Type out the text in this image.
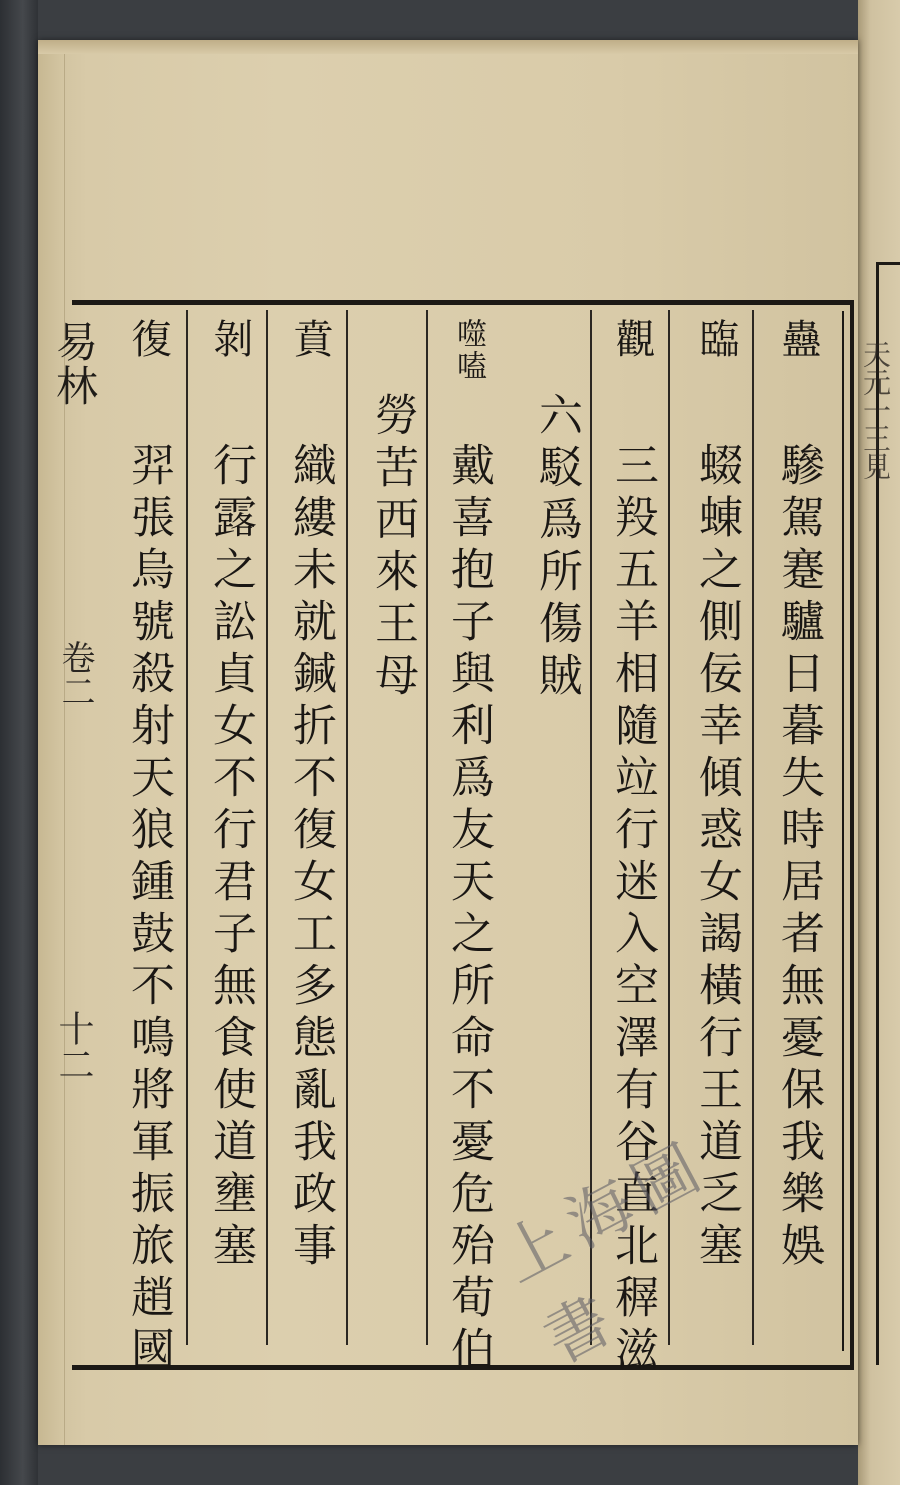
天元一王見
易林
卷二
十二
蠱
驂駕蹇驢日暮失時居者無憂保我樂娛
臨
蝃蝀之側佞幸傾惑女謁橫行王道乏塞
觀
三羖五羊相隨竝行迷入空澤有谷直北稺滋
六駁爲所傷賊
噬嗑
戴喜抱子與利爲友天之所命不憂危殆荀伯
勞苦西來王母
賁
織縷未就鍼折不復女工多態亂我政事
剝
行露之訟貞女不行君子無食使道壅塞
復
羿張烏號殺射天狼鍾鼓不鳴將軍振旅趙國	上海圖書
